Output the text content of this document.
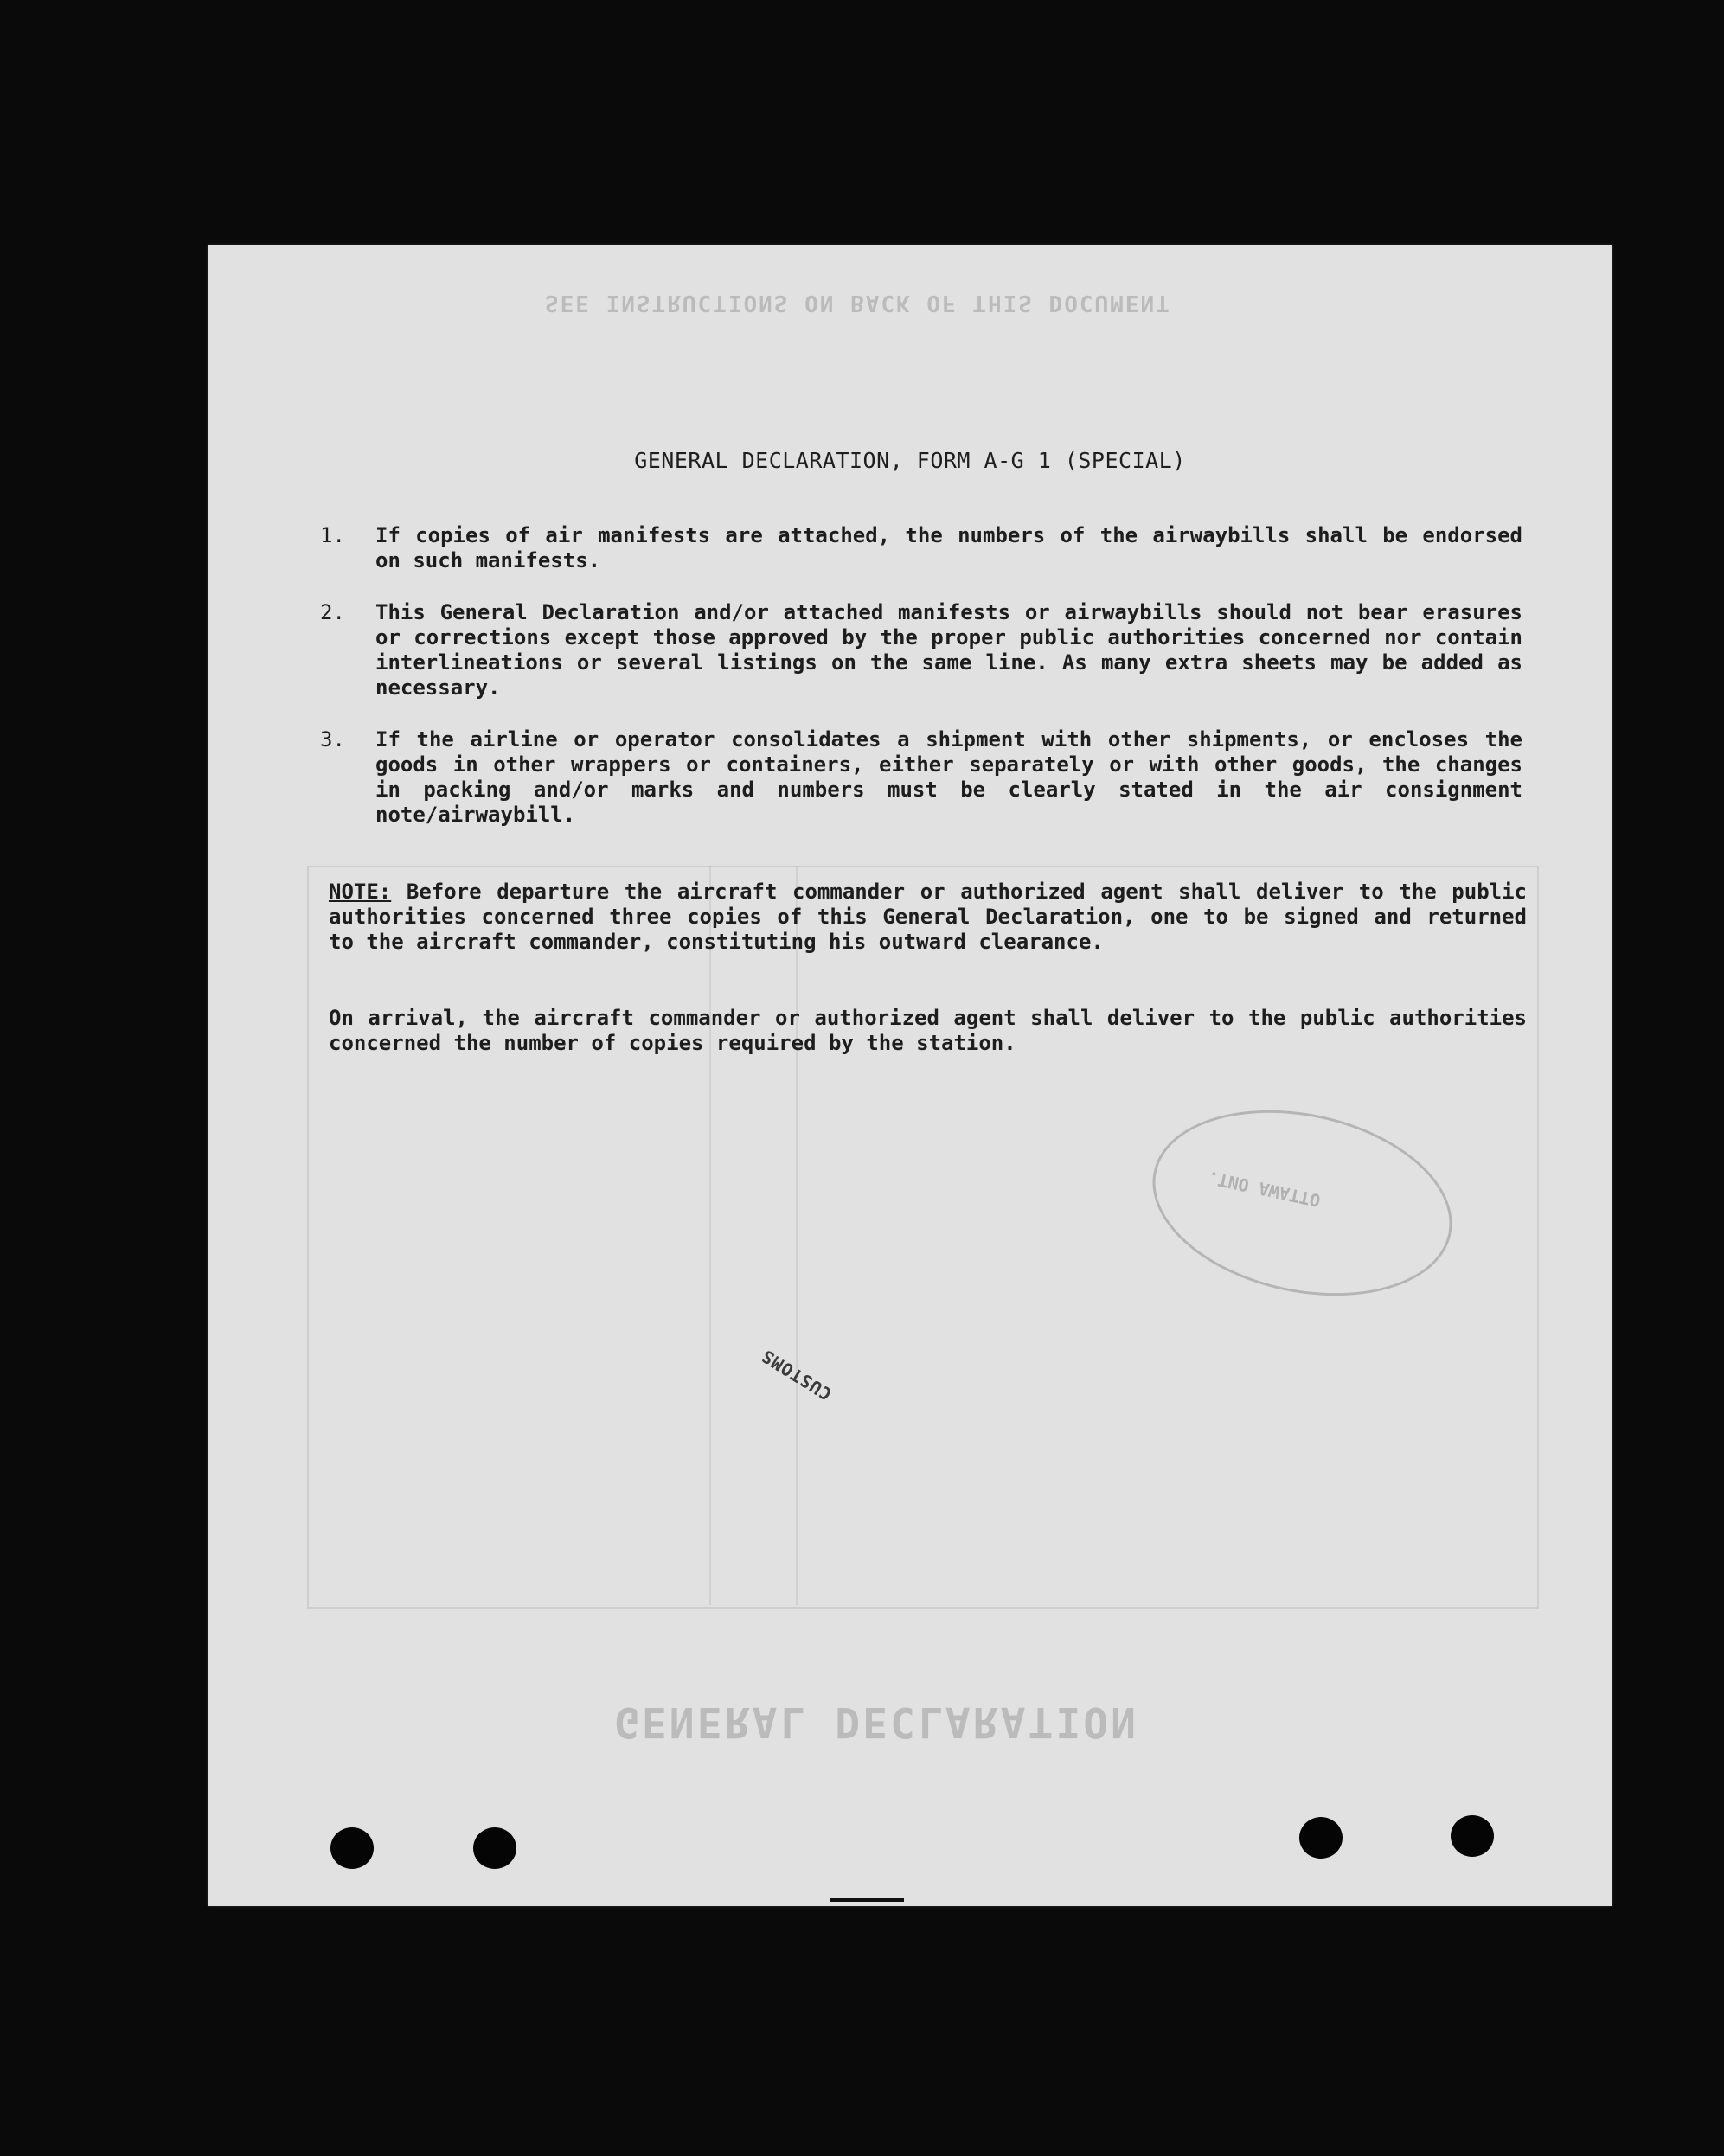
SEE INSTRUCTIONS ON BACK OF THIS DOCUMENT
GENERAL DECLARATION, FORM A-G 1 (SPECIAL)
1. If copies of air manifests are attached, the numbers of the airwaybills shall be endorsed on such manifests.
2. This General Declaration and/or attached manifests or airwaybills should not bear erasures or corrections except those approved by the proper public authorities concerned nor contain interlineations or several listings on the same line. As many extra sheets may be added as necessary.
3. If the airline or operator consolidates a shipment with other shipments, or encloses the goods in other wrappers or containers, either separately or with other goods, the changes in packing and/or marks and numbers must be clearly stated in the air consignment note/airwaybill.
NOTE: Before departure the aircraft commander or authorized agent shall deliver to the public authorities concerned three copies of this General Declaration, one to be signed and returned to the aircraft commander, constituting his outward clearance.
On arrival, the aircraft commander or authorized agent shall deliver to the public authorities concerned the number of copies required by the station.
OTTAWA ONT.
CUSTOMS
GENERAL DECLARATION
